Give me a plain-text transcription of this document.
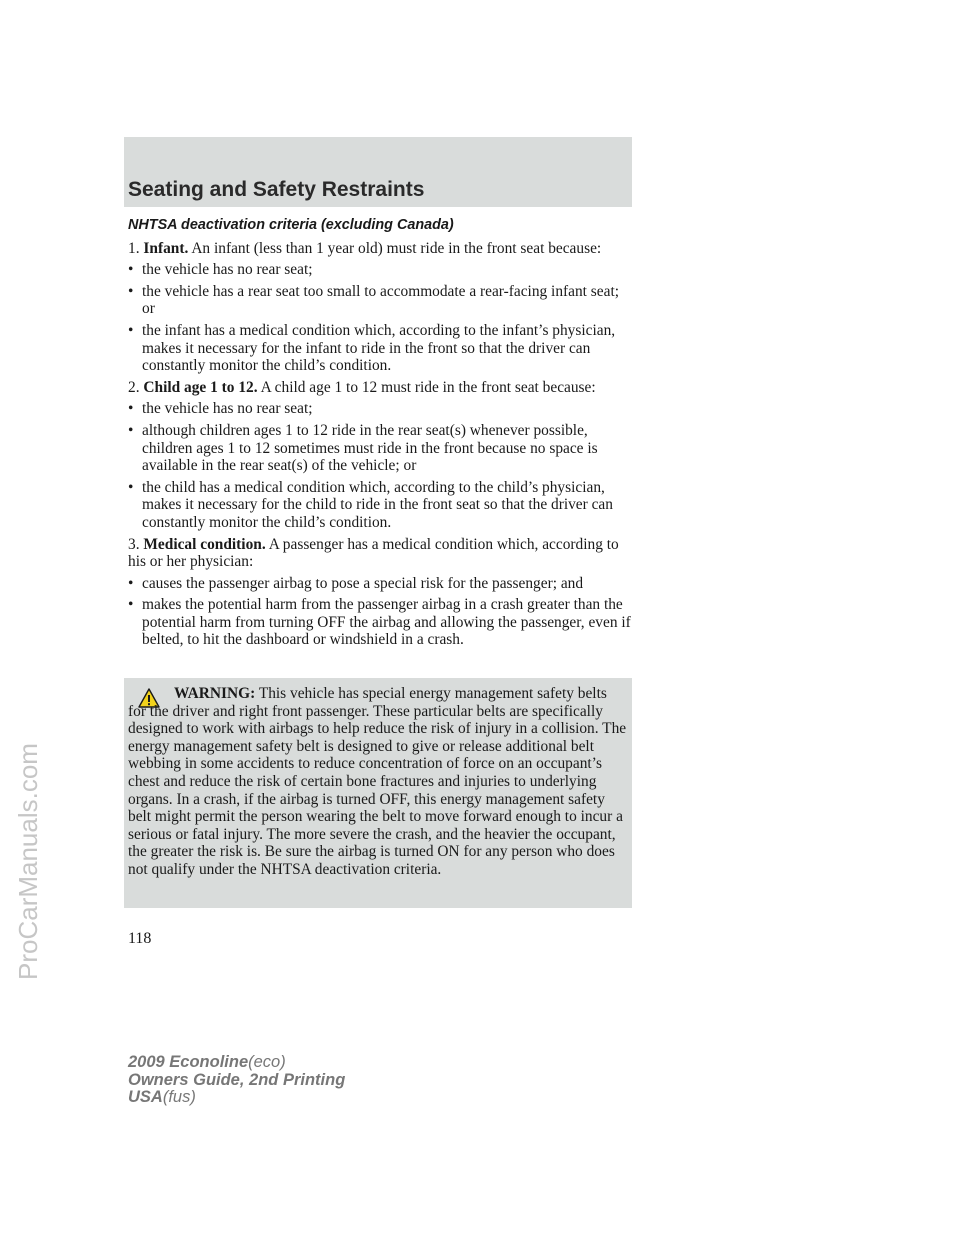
Seating and Safety Restraints

NHTSA deactivation criteria (excluding Canada)

1. Infant. An infant (less than 1 year old) must ride in the front seat because:

• the vehicle has no rear seat;
• the vehicle has a rear seat too small to accommodate a rear-facing infant seat; or
• the infant has a medical condition which, according to the infant’s physician, makes it necessary for the infant to ride in the front so that the driver can constantly monitor the child’s condition.

2. Child age 1 to 12. A child age 1 to 12 must ride in the front seat because:

• the vehicle has no rear seat;
• although children ages 1 to 12 ride in the rear seat(s) whenever possible, children ages 1 to 12 sometimes must ride in the front because no space is available in the rear seat(s) of the vehicle; or
• the child has a medical condition which, according to the child’s physician, makes it necessary for the child to ride in the front seat so that the driver can constantly monitor the child’s condition.

3. Medical condition. A passenger has a medical condition which, according to his or her physician:

• causes the passenger airbag to pose a special risk for the passenger; and
• makes the potential harm from the passenger airbag in a crash greater than the potential harm from turning OFF the airbag and allowing the passenger, even if belted, to hit the dashboard or windshield in a crash.

WARNING: This vehicle has special energy management safety belts for the driver and right front passenger. These particular belts are specifically designed to work with airbags to help reduce the risk of injury in a collision. The energy management safety belt is designed to give or release additional belt webbing in some accidents to reduce concentration of force on an occupant’s chest and reduce the risk of certain bone fractures and injuries to underlying organs. In a crash, if the airbag is turned OFF, this energy management safety belt might permit the person wearing the belt to move forward enough to incur a serious or fatal injury. The more severe the crash, and the heavier the occupant, the greater the risk is. Be sure the airbag is turned ON for any person who does not qualify under the NHTSA deactivation criteria.

118
2009 Econoline(eco)
Owners Guide, 2nd Printing
USA(fus)
ProCarManuals.com
